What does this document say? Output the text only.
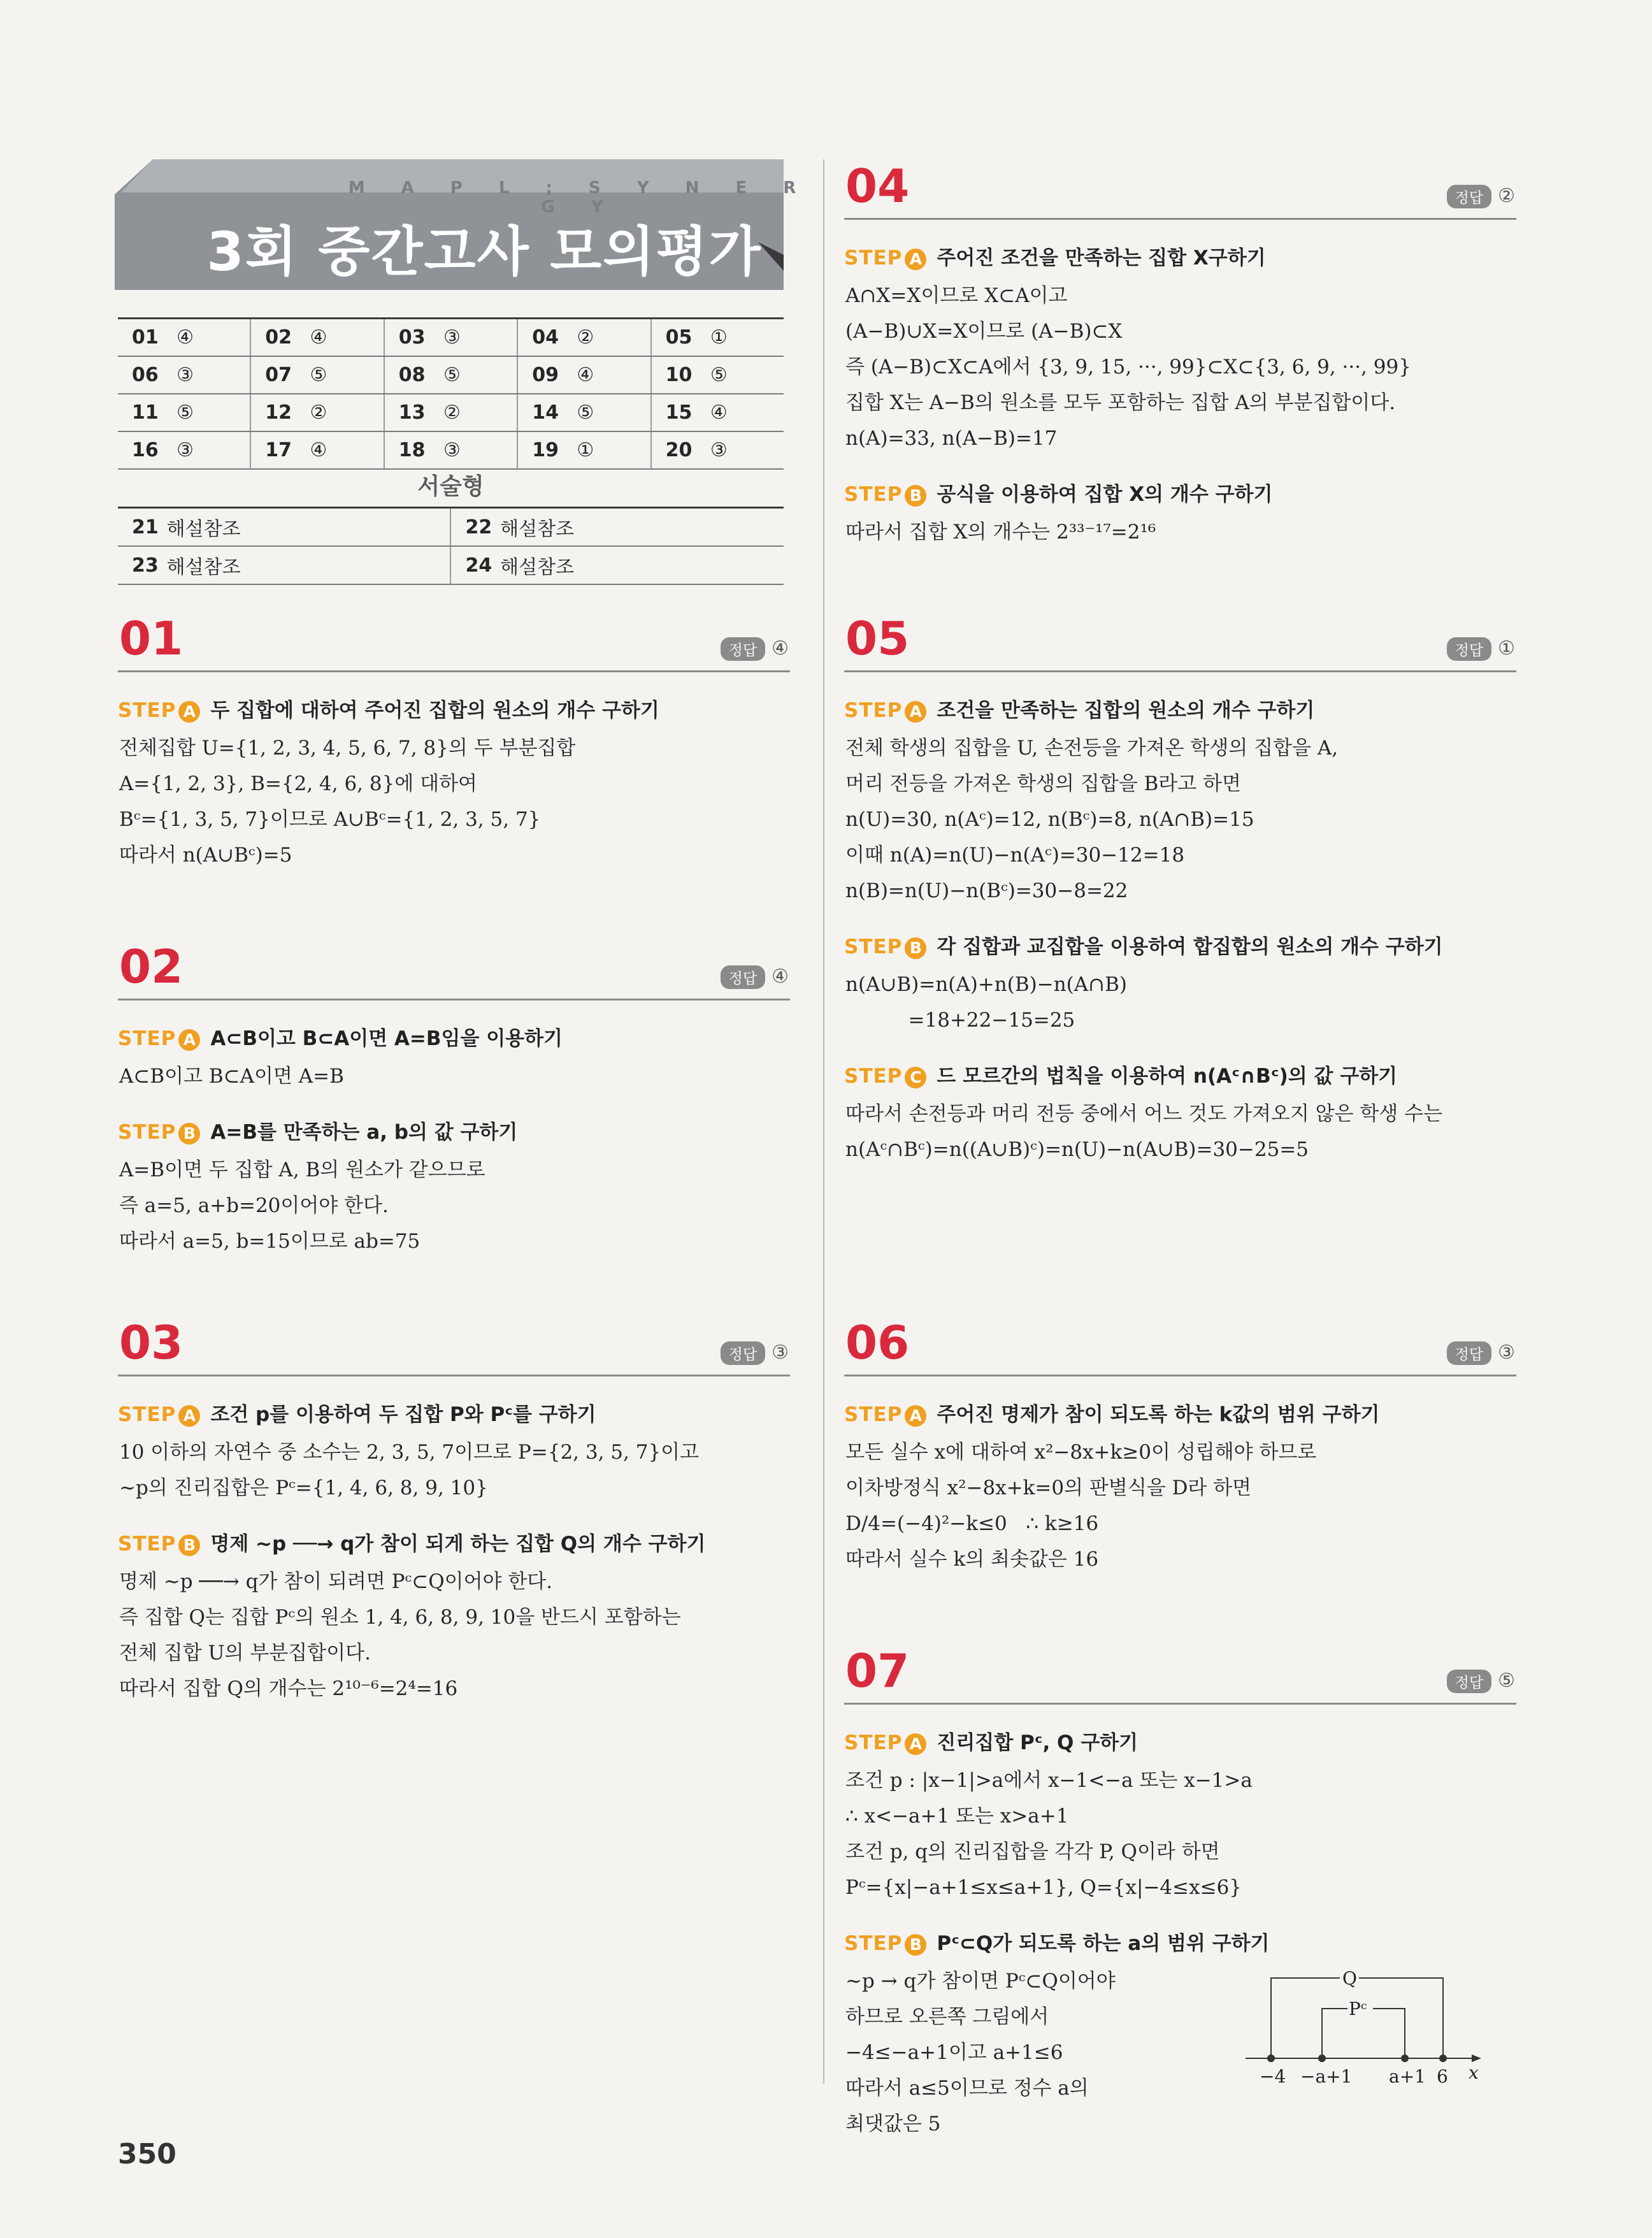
M A P L ; S Y N E R G Y
3회 중간고사 모의평가
01	④	02	④	03	③	04	②	05	①
06	③	07	⑤	08	⑤	09	④	10	⑤
11	⑤	12	②	13	②	14	⑤	15	④
16	③	17	④	18	③	19	①	20	③
서술형
21	해설참조	22	해설참조
23	해설참조	24	해설참조
01	정답 ④
STEP A 두 집합에 대하여 주어진 집합의 원소의 개수 구하기
전체집합 U={1, 2, 3, 4, 5, 6, 7, 8}의 두 부분집합
A={1, 2, 3}, B={2, 4, 6, 8}에 대하여
Bᶜ={1, 3, 5, 7}이므로 A∪Bᶜ={1, 2, 3, 5, 7}
따라서 n(A∪Bᶜ)=5
02	정답 ④
STEP A A⊂B이고 B⊂A이면 A=B임을 이용하기
A⊂B이고 B⊂A이면 A=B
STEP B A=B를 만족하는 a, b의 값 구하기
A=B이면 두 집합 A, B의 원소가 같으므로
즉 a=5, a+b=20이어야 한다.
따라서 a=5, b=15이므로 ab=75
03	정답 ③
STEP A 조건 p를 이용하여 두 집합 P와 Pᶜ를 구하기
10 이하의 자연수 중 소수는 2, 3, 5, 7이므로 P={2, 3, 5, 7}이고
~p의 진리집합은 Pᶜ={1, 4, 6, 8, 9, 10}
STEP B 명제 ~p ──→ q가 참이 되게 하는 집합 Q의 개수 구하기
명제 ~p ──→ q가 참이 되려면 Pᶜ⊂Q이어야 한다.
즉 집합 Q는 집합 Pᶜ의 원소 1, 4, 6, 8, 9, 10을 반드시 포함하는
전체 집합 U의 부분집합이다.
따라서 집합 Q의 개수는 2¹⁰⁻⁶=2⁴=16
04	정답 ②
STEP A 주어진 조건을 만족하는 집합 X구하기
A∩X=X이므로 X⊂A이고
(A−B)∪X=X이므로 (A−B)⊂X
즉 (A−B)⊂X⊂A에서 {3, 9, 15, ···, 99}⊂X⊂{3, 6, 9, ···, 99}
집합 X는 A−B의 원소를 모두 포함하는 집합 A의 부분집합이다.
n(A)=33, n(A−B)=17
STEP B 공식을 이용하여 집합 X의 개수 구하기
따라서 집합 X의 개수는 2³³⁻¹⁷=2¹⁶
05	정답 ①
STEP A 조건을 만족하는 집합의 원소의 개수 구하기
전체 학생의 집합을 U, 손전등을 가져온 학생의 집합을 A,
머리 전등을 가져온 학생의 집합을 B라고 하면
n(U)=30, n(Aᶜ)=12, n(Bᶜ)=8, n(A∩B)=15
이때 n(A)=n(U)−n(Aᶜ)=30−12=18
n(B)=n(U)−n(Bᶜ)=30−8=22
STEP B 각 집합과 교집합을 이용하여 합집합의 원소의 개수 구하기
n(A∪B)=n(A)+n(B)−n(A∩B)
=18+22−15=25
STEP C 드 모르간의 법칙을 이용하여 n(Aᶜ∩Bᶜ)의 값 구하기
따라서 손전등과 머리 전등 중에서 어느 것도 가져오지 않은 학생 수는
n(Aᶜ∩Bᶜ)=n((A∪B)ᶜ)=n(U)−n(A∪B)=30−25=5
06	정답 ③
STEP A 주어진 명제가 참이 되도록 하는 k값의 범위 구하기
모든 실수 x에 대하여 x²−8x+k≥0이 성립해야 하므로
이차방정식 x²−8x+k=0의 판별식을 D라 하면
D/4=(−4)²−k≤0   ∴ k≥16
따라서 실수 k의 최솟값은 16
07	정답 ⑤
STEP A 진리집합 Pᶜ, Q 구하기
조건 p : |x−1|>a에서 x−1<−a 또는 x−1>a
∴ x<−a+1 또는 x>a+1
조건 p, q의 진리집합을 각각 P, Q이라 하면
Pᶜ={x|−a+1≤x≤a+1}, Q={x|−4≤x≤6}
STEP B Pᶜ⊂Q가 되도록 하는 a의 범위 구하기
~p → q가 참이면 Pᶜ⊂Q이어야
하므로 오른쪽 그림에서
−4≤−a+1이고 a+1≤6
따라서 a≤5이므로 정수 a의
최댓값은 5
Q
Pᶜ
−4 −a+1 a+1 6 x
350
